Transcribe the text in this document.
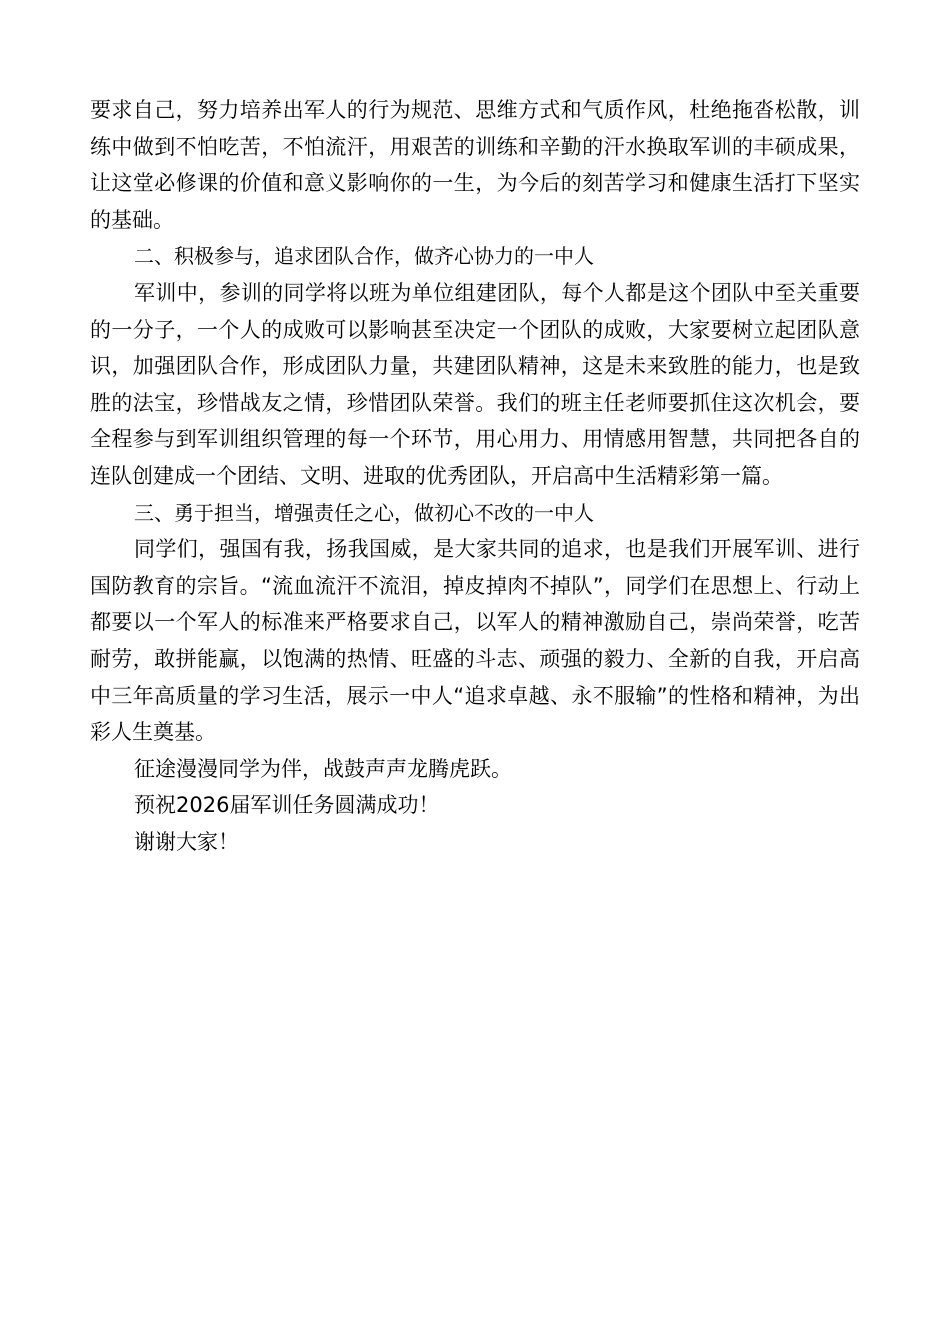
要求自己，努力培养出军人的行为规范、思维方式和气质作风，杜绝拖沓松散，训练中做到不怕吃苦，不怕流汗，用艰苦的训练和辛勤的汗水换取军训的丰硕成果，让这堂必修课的价值和意义影响你的一生，为今后的刻苦学习和健康生活打下坚实的基础。

二、积极参与，追求团队合作，做齐心协力的一中人

军训中，参训的同学将以班为单位组建团队，每个人都是这个团队中至关重要的一分子，一个人的成败可以影响甚至决定一个团队的成败，大家要树立起团队意识，加强团队合作，形成团队力量，共建团队精神，这是未来致胜的能力，也是致胜的法宝，珍惜战友之情，珍惜团队荣誉。我们的班主任老师要抓住这次机会，要全程参与到军训组织管理的每一个环节，用心用力、用情感用智慧，共同把各自的连队创建成一个团结、文明、进取的优秀团队，开启高中生活精彩第一篇。

三、勇于担当，增强责任之心，做初心不改的一中人

同学们，强国有我，扬我国威，是大家共同的追求，也是我们开展军训、进行国防教育的宗旨。“流血流汗不流泪，掉皮掉肉不掉队”，同学们在思想上、行动上都要以一个军人的标准来严格要求自己，以军人的精神激励自己，崇尚荣誉，吃苦耐劳，敢拼能赢，以饱满的热情、旺盛的斗志、顽强的毅力、全新的自我，开启高中三年高质量的学习生活，展示一中人“追求卓越、永不服输”的性格和精神，为出彩人生奠基。

征途漫漫同学为伴，战鼓声声龙腾虎跃。

预祝2026届军训任务圆满成功！

谢谢大家！
